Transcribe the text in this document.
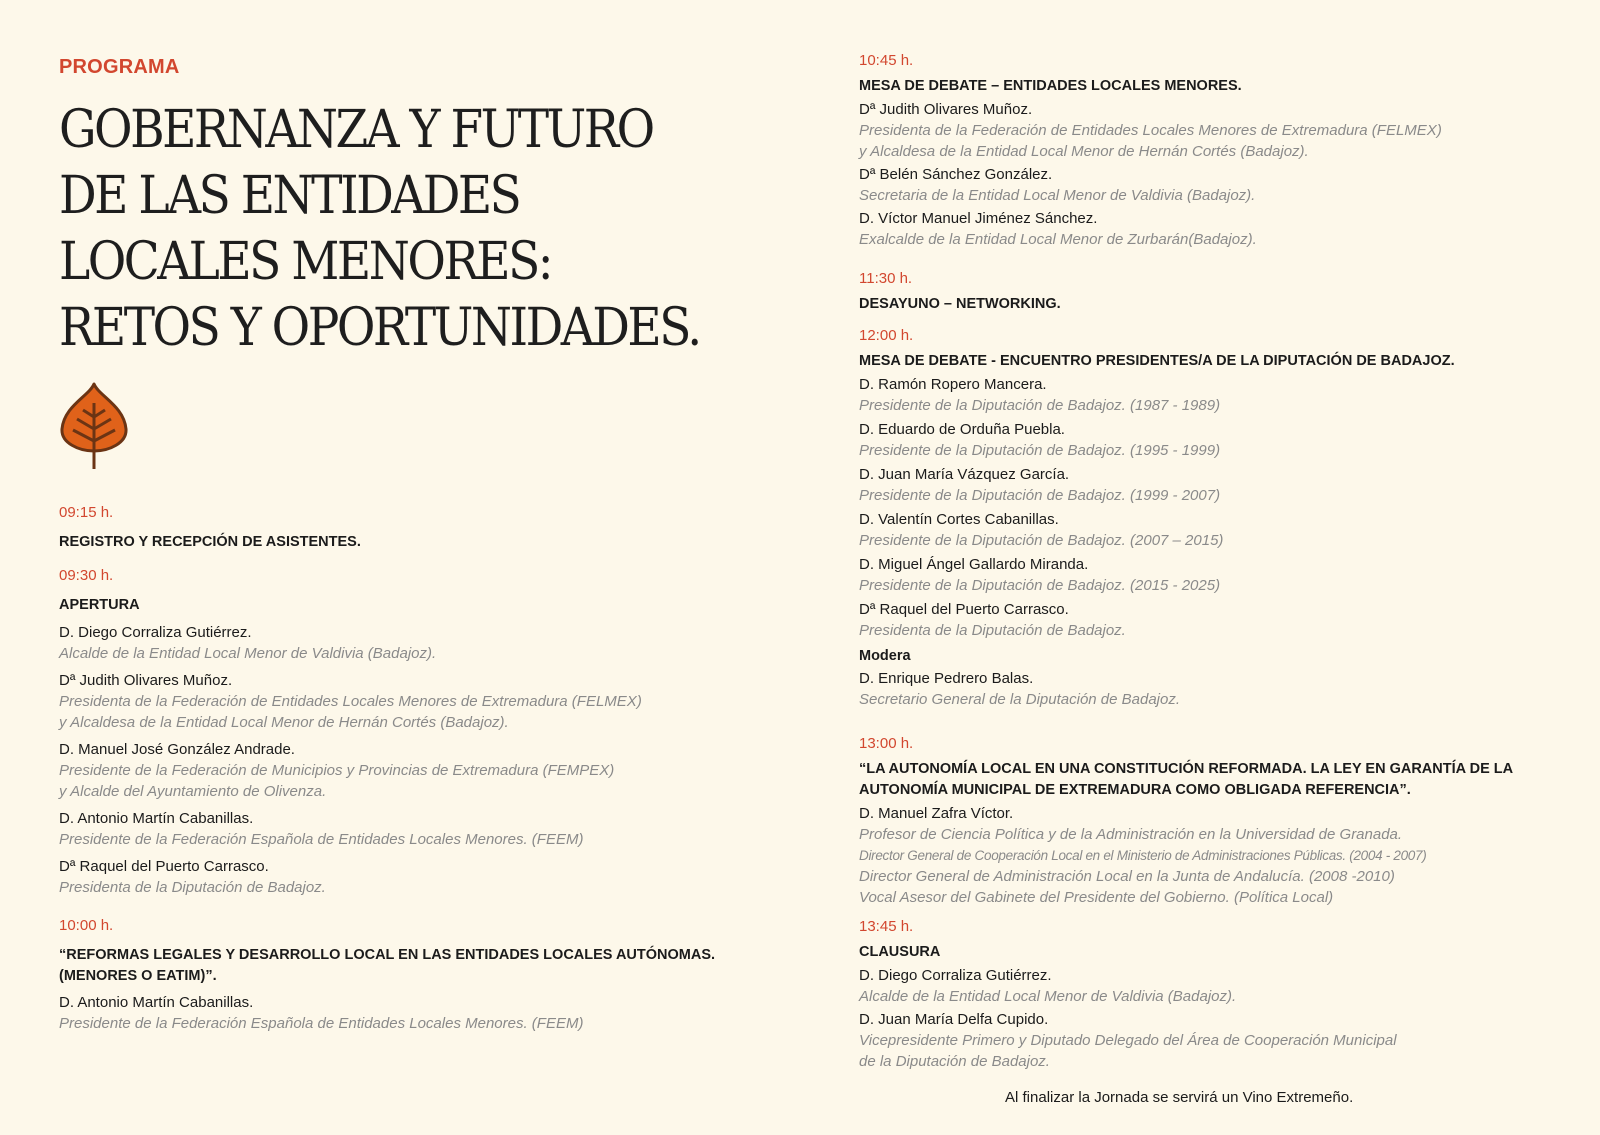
PROGRAMA
GOBERNANZA Y FUTURO
DE LAS ENTIDADES
LOCALES MENORES:
RETOS Y OPORTUNIDADES.

09:15 h.

REGISTRO Y RECEPCIÓN DE ASISTENTES.

09:30 h.

APERTURA

D. Diego Corraliza Gutiérrez.

Alcalde de la Entidad Local Menor de Valdivia (Badajoz).

Dª Judith Olivares Muñoz.

Presidenta de la Federación de Entidades Locales Menores de Extremadura (FELMEX)

y Alcaldesa de la Entidad Local Menor de Hernán Cortés (Badajoz).

D. Manuel José González Andrade.

Presidente de la Federación de Municipios y Provincias de Extremadura (FEMPEX)

y Alcalde del Ayuntamiento de Olivenza.

D. Antonio Martín Cabanillas.

Presidente de la Federación Española de Entidades Locales Menores. (FEEM)

Dª Raquel del Puerto Carrasco.

Presidenta de la Diputación de Badajoz.

10:00 h.

“REFORMAS LEGALES Y DESARROLLO LOCAL EN LAS ENTIDADES LOCALES AUTÓNOMAS.

(MENORES O EATIM)”.

D. Antonio Martín Cabanillas.

Presidente de la Federación Española de Entidades Locales Menores. (FEEM)

10:45 h.

MESA DE DEBATE – ENTIDADES LOCALES MENORES.

Dª Judith Olivares Muñoz.

Presidenta de la Federación de Entidades Locales Menores de Extremadura (FELMEX)

y Alcaldesa de la Entidad Local Menor de Hernán Cortés (Badajoz).

Dª Belén Sánchez González.

Secretaria de la Entidad Local Menor de Valdivia (Badajoz).

D. Víctor Manuel Jiménez Sánchez.

Exalcalde de la Entidad Local Menor de Zurbarán(Badajoz).

11:30 h.

DESAYUNO – NETWORKING.

12:00 h.

MESA DE DEBATE - ENCUENTRO PRESIDENTES/A DE LA DIPUTACIÓN DE BADAJOZ.

D. Ramón Ropero Mancera.

Presidente de la Diputación de Badajoz. (1987 - 1989)

D. Eduardo de Orduña Puebla.

Presidente de la Diputación de Badajoz. (1995 - 1999)

D. Juan María Vázquez García.

Presidente de la Diputación de Badajoz. (1999 - 2007)

D. Valentín Cortes Cabanillas.

Presidente de la Diputación de Badajoz. (2007 – 2015)

D. Miguel Ángel Gallardo Miranda.

Presidente de la Diputación de Badajoz. (2015 - 2025)

Dª Raquel del Puerto Carrasco.

Presidenta de la Diputación de Badajoz.

Modera

D. Enrique Pedrero Balas.

Secretario General de la Diputación de Badajoz.

13:00 h.

“LA AUTONOMÍA LOCAL EN UNA CONSTITUCIÓN REFORMADA. LA LEY EN GARANTÍA DE LA

AUTONOMÍA MUNICIPAL DE EXTREMADURA COMO OBLIGADA REFERENCIA”.

D. Manuel Zafra Víctor.

Profesor de Ciencia Política y de la Administración en la Universidad de Granada.

Director General de Cooperación Local en el Ministerio de Administraciones Públicas. (2004 - 2007)

Director General de Administración Local en la Junta de Andalucía. (2008 -2010)

Vocal Asesor del Gabinete del Presidente del Gobierno. (Política Local)

13:45 h.

CLAUSURA

D. Diego Corraliza Gutiérrez.

Alcalde de la Entidad Local Menor de Valdivia (Badajoz).

D. Juan María Delfa Cupido.

Vicepresidente Primero y Diputado Delegado del Área de Cooperación Municipal

de la Diputación de Badajoz.

Al finalizar la Jornada se servirá un Vino Extremeño.
